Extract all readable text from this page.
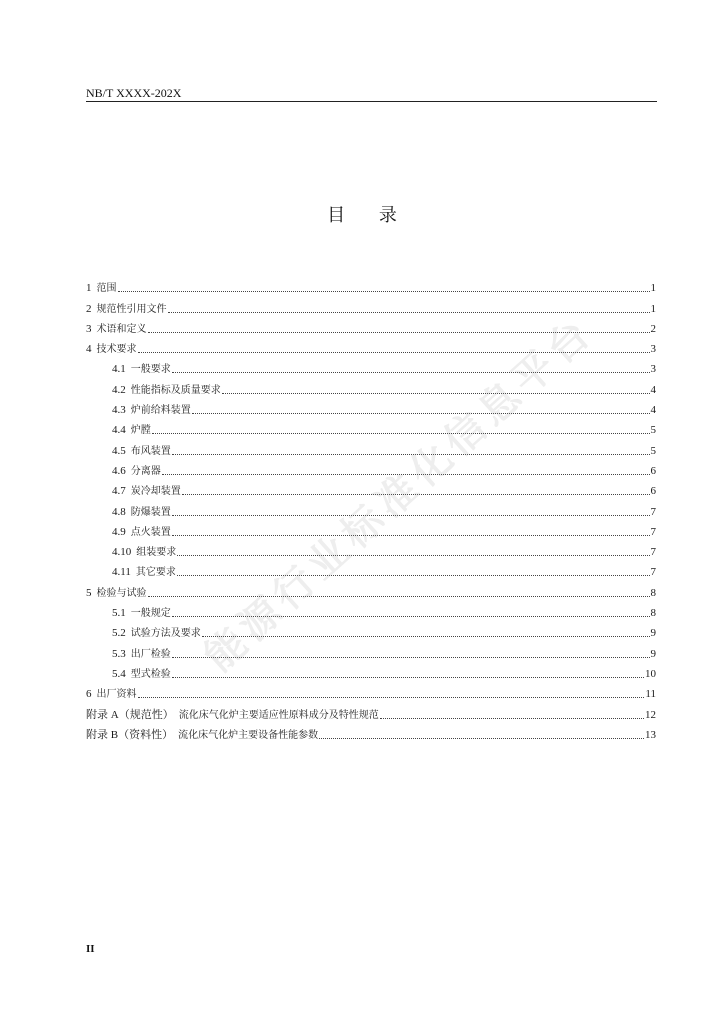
NB/T XXXX-202X
目 录
1 范围	1
2 规范性引用文件	1
3 术语和定义	2
4 技术要求	3
4.1 一般要求	3
4.2 性能指标及质量要求	4
4.3 炉前给料装置	4
4.4 炉膛	5
4.5 布风装置	5
4.6 分离器	6
4.7 炭冷却装置	6
4.8 防爆装置	7
4.9 点火装置	7
4.10 组装要求	7
4.11 其它要求	7
5 检验与试验	8
5.1 一般规定	8
5.2 试验方法及要求	9
5.3 出厂检验	9
5.4 型式检验	10
6 出厂资料	11
附录 A（规范性） 流化床气化炉主要适应性原料成分及特性规范	12
附录 B（资料性） 流化床气化炉主要设备性能参数	13
能源行业标准化信息平台
II
